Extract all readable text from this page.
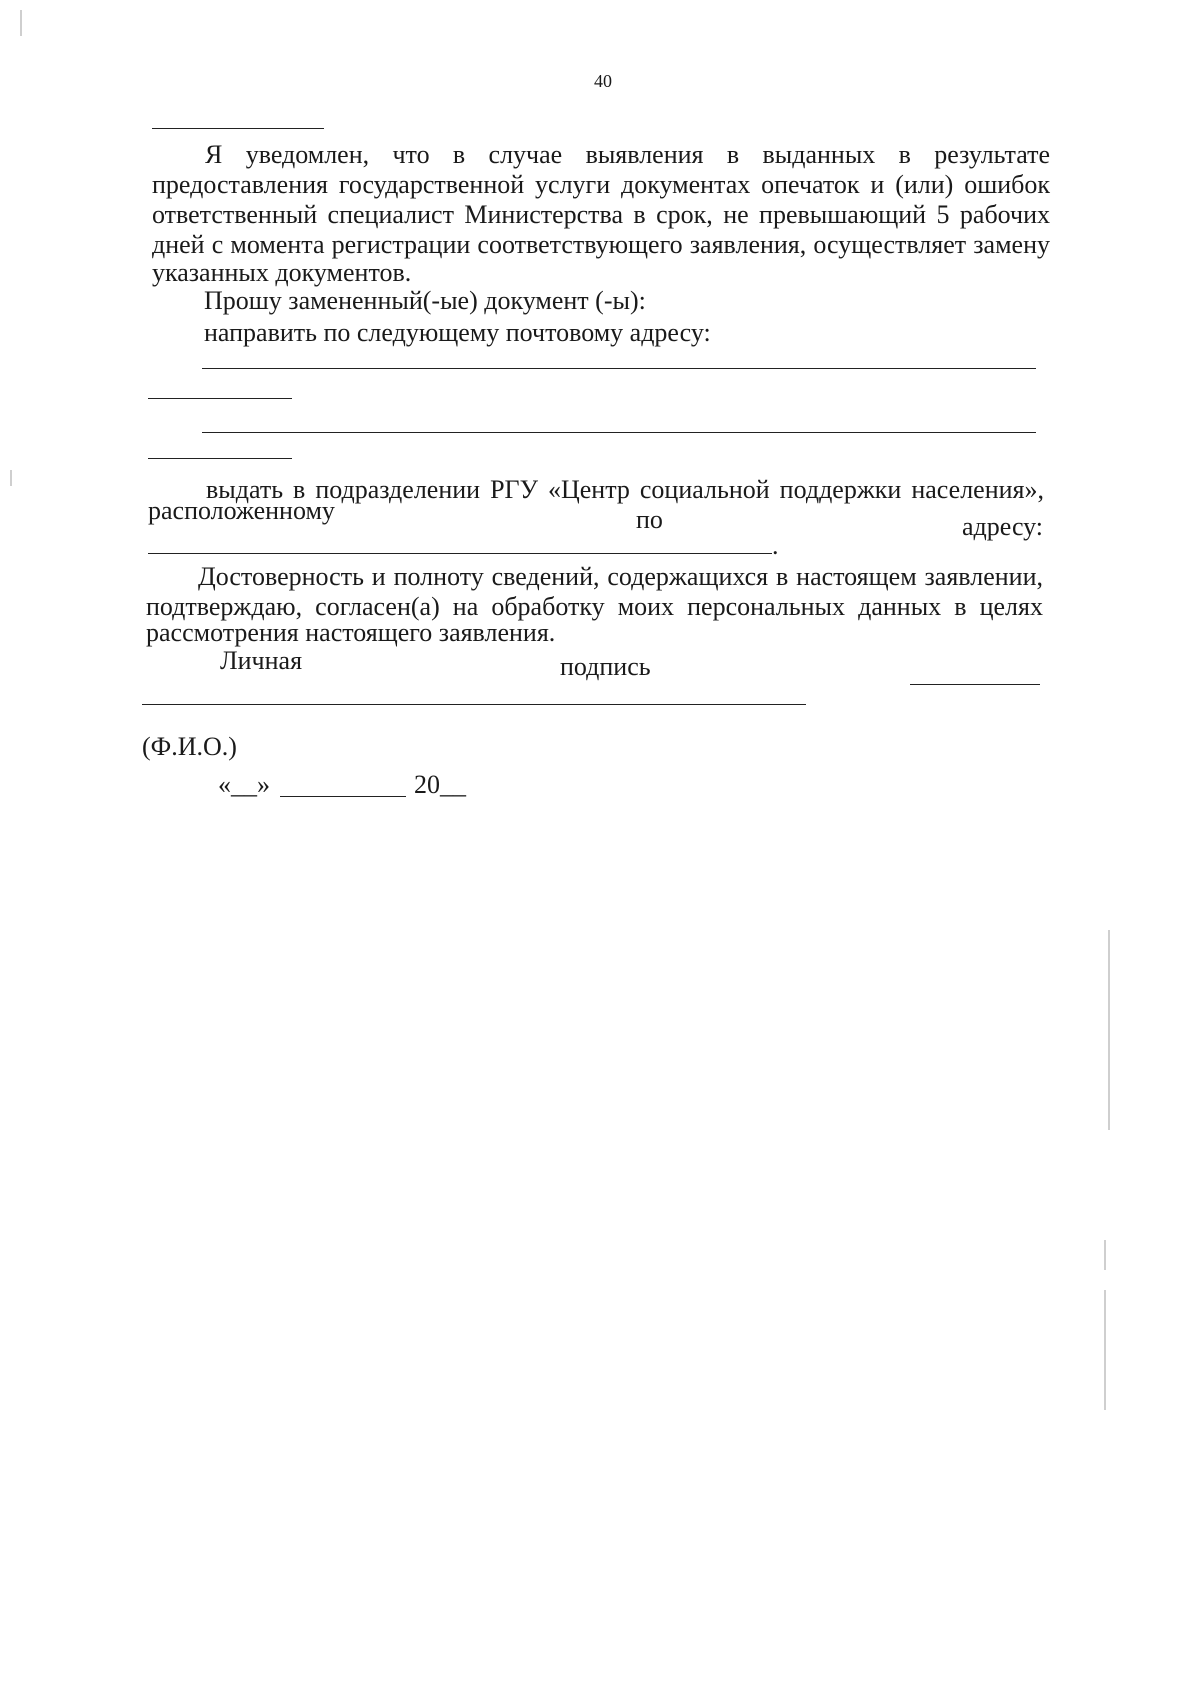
40
Я уведомлен, что в случае выявления в выданных в результате
предоставления государственной услуги документах опечаток и (или) ошибок
ответственный специалист Министерства в срок, не превышающий 5 рабочих
дней с момента регистрации соответствующего заявления, осуществляет замену
указанных документов.
Прошу замененный(-ые) документ (-ы):
направить по следующему почтовому адресу:
выдать в подразделении РГУ «Центр социальной поддержки населения»,
расположенному	по	адресу:
.
Достоверность и полноту сведений, содержащихся в настоящем заявлении,
подтверждаю, согласен(а) на обработку моих персональных данных в целях
рассмотрения настоящего заявления.
Личная	подпись
(Ф.И.О.)
«__»	20__
